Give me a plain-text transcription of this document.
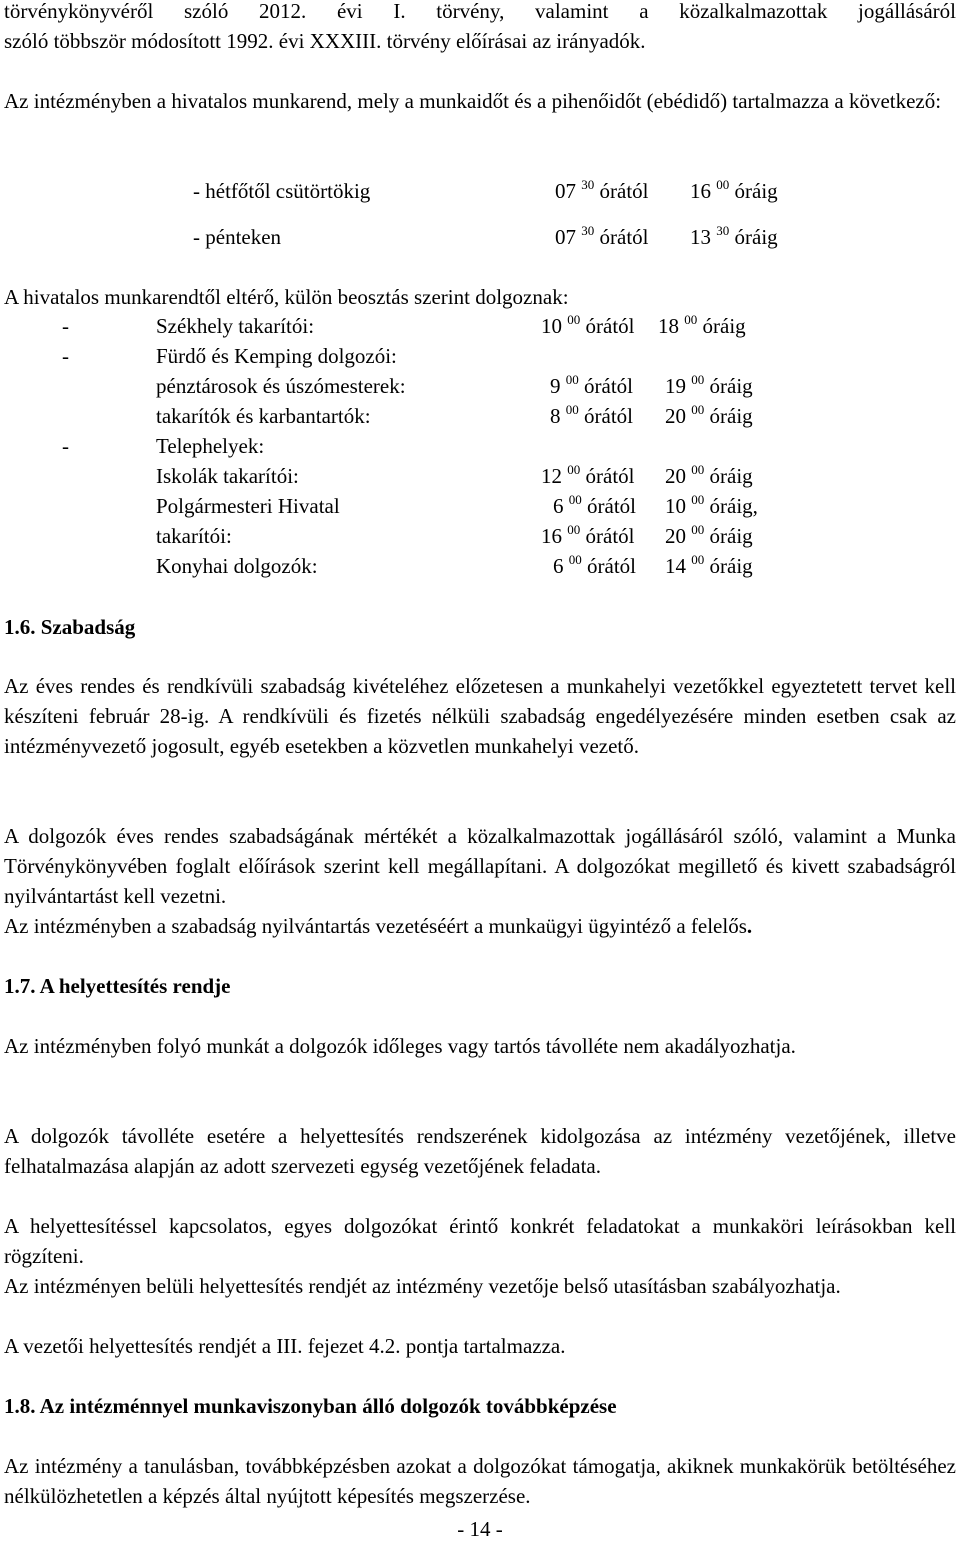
törvénykönyvéről szóló 2012. évi I. törvény, valamint a közalkalmazottak jogállásáról

szóló többször módosított 1992. évi XXXIII. törvény előírásai az irányadók.

Az intézményben a hivatalos munkarend, mely a munkaidőt és a pihenőidőt (ebédidő) tartalmazza a következő:

- hétfőtől csütörtökig	07 $^{30}$ órától 16 $^{00}$ óráig
- pénteken	07 $^{30}$ órától 13 $^{30}$ óráig

A hivatalos munkarendtől eltérő, külön beosztás szerint dolgoznak:

-	Székhely takarítói:	10 $^{00}$ órától 18 $^{00}$ óráig
-	Fürdő és Kemping dolgozói:
pénztárosok és úszómesterek:	9 $^{00}$ órától 19 $^{00}$ óráig
takarítók és karbantartók:	8 $^{00}$ órától 20 $^{00}$ óráig
-	Telephelyek:
Iskolák takarítói:	12 $^{00}$ órától 20 $^{00}$ óráig
Polgármesteri Hivatal	6 $^{00}$ órától 10 $^{00}$ óráig,
takarítói:	16 $^{00}$ órától 20 $^{00}$ óráig
Konyhai dolgozók:	6 $^{00}$ órától 14 $^{00}$ óráig
1.6. Szabadság

Az éves rendes és rendkívüli szabadság kivételéhez előzetesen a munkahelyi vezetőkkel egyeztetett tervet kell készíteni február 28-ig. A rendkívüli és fizetés nélküli szabadság engedélyezésére minden esetben csak az intézményvezető jogosult, egyéb esetekben a közvetlen munkahelyi vezető.

A dolgozók éves rendes szabadságának mértékét a közalkalmazottak jogállásáról szóló, valamint a Munka Törvénykönyvében foglalt előírások szerint kell megállapítani. A dolgozókat megillető és kivett szabadságról nyilvántartást kell vezetni.

Az intézményben a szabadság nyilvántartás vezetéséért a munkaügyi ügyintéző a felelős.

1.7. A helyettesítés rendje

Az intézményben folyó munkát a dolgozók időleges vagy tartós távolléte nem akadályozhatja.

A dolgozók távolléte esetére a helyettesítés rendszerének kidolgozása az intézmény vezetőjének, illetve felhatalmazása alapján az adott szervezeti egység vezetőjének feladata.

A helyettesítéssel kapcsolatos, egyes dolgozókat érintő konkrét feladatokat a munkaköri leírásokban kell rögzíteni.

Az intézményen belüli helyettesítés rendjét az intézmény vezetője belső utasításban szabályozhatja.

A vezetői helyettesítés rendjét a III. fejezet 4.2. pontja tartalmazza.

1.8. Az intézménnyel munkaviszonyban álló dolgozók továbbképzése

Az intézmény a tanulásban, továbbképzésben azokat a dolgozókat támogatja, akiknek munkakörük betöltéséhez nélkülözhetetlen a képzés által nyújtott képesítés megszerzése.

- 14 -
